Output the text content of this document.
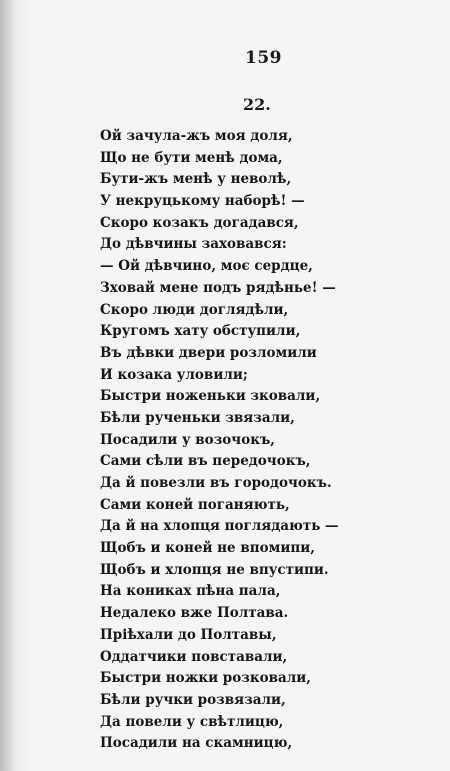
159
22.
Ой зачула-жъ моя доля,
Що не бути менѣ дома,
Бути-жъ менѣ у неволѣ,
У некруцькому наборѣ! —
Скоро козакъ догадався,
До дѣвчины заховався:
— Ой дѣвчино, моє сердце,
Зховай мене подъ рядѣнье! —
Скоро люди доглядѣли,
Кругомъ хату обступили,
Въ дѣвки двери розломили
И козака уловили;
Быстри ноженьки зковали,
Бѣли рученьки звязали,
Посадили у возочокъ,
Сами сѣли въ передочокъ,
Да й повезли въ городочокъ.
Сами коней поганяють,
Да й на хлопця поглядають —
Щобъ и коней не впомипи,
Щобъ и хлопця не впустипи.
На кониках пѣна пала,
Недалеко вже Полтава.
Прiѣхали до Полтавы,
Оддатчики повставали,
Быстри ножки розковали,
Бѣли ручки розвязали,
Да повели у свѣтлицю,
Посадили на скамницю,
